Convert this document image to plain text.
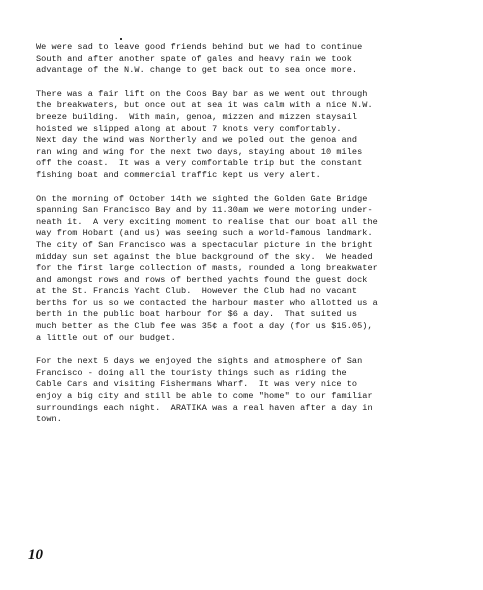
We were sad to leave good friends behind but we had to continue
South and after another spate of gales and heavy rain we took
advantage of the N.W. change to get back out to sea once more.
There was a fair lift on the Coos Bay bar as we went out through
the breakwaters, but once out at sea it was calm with a nice N.W.
breeze building.  With main, genoa, mizzen and mizzen staysail
hoisted we slipped along at about 7 knots very comfortably.
Next day the wind was Northerly and we poled out the genoa and
ran wing and wing for the next two days, staying about 10 miles
off the coast.  It was a very comfortable trip but the constant
fishing boat and commercial traffic kept us very alert.
On the morning of October 14th we sighted the Golden Gate Bridge
spanning San Francisco Bay and by 11.30am we were motoring under-
neath it.  A very exciting moment to realise that our boat all the
way from Hobart (and us) was seeing such a world-famous landmark.
The city of San Francisco was a spectacular picture in the bright
midday sun set against the blue background of the sky.  We headed
for the first large collection of masts, rounded a long breakwater
and amongst rows and rows of berthed yachts found the guest dock
at the St. Francis Yacht Club.  However the Club had no vacant
berths for us so we contacted the harbour master who allotted us a
berth in the public boat harbour for $6 a day.  That suited us
much better as the Club fee was 35¢ a foot a day (for us $15.05),
a little out of our budget.
For the next 5 days we enjoyed the sights and atmosphere of San
Francisco - doing all the touristy things such as riding the
Cable Cars and visiting Fishermans Wharf.  It was very nice to
enjoy a big city and still be able to come "home" to our familiar
surroundings each night.  ARATIKA was a real haven after a day in
town.
10
